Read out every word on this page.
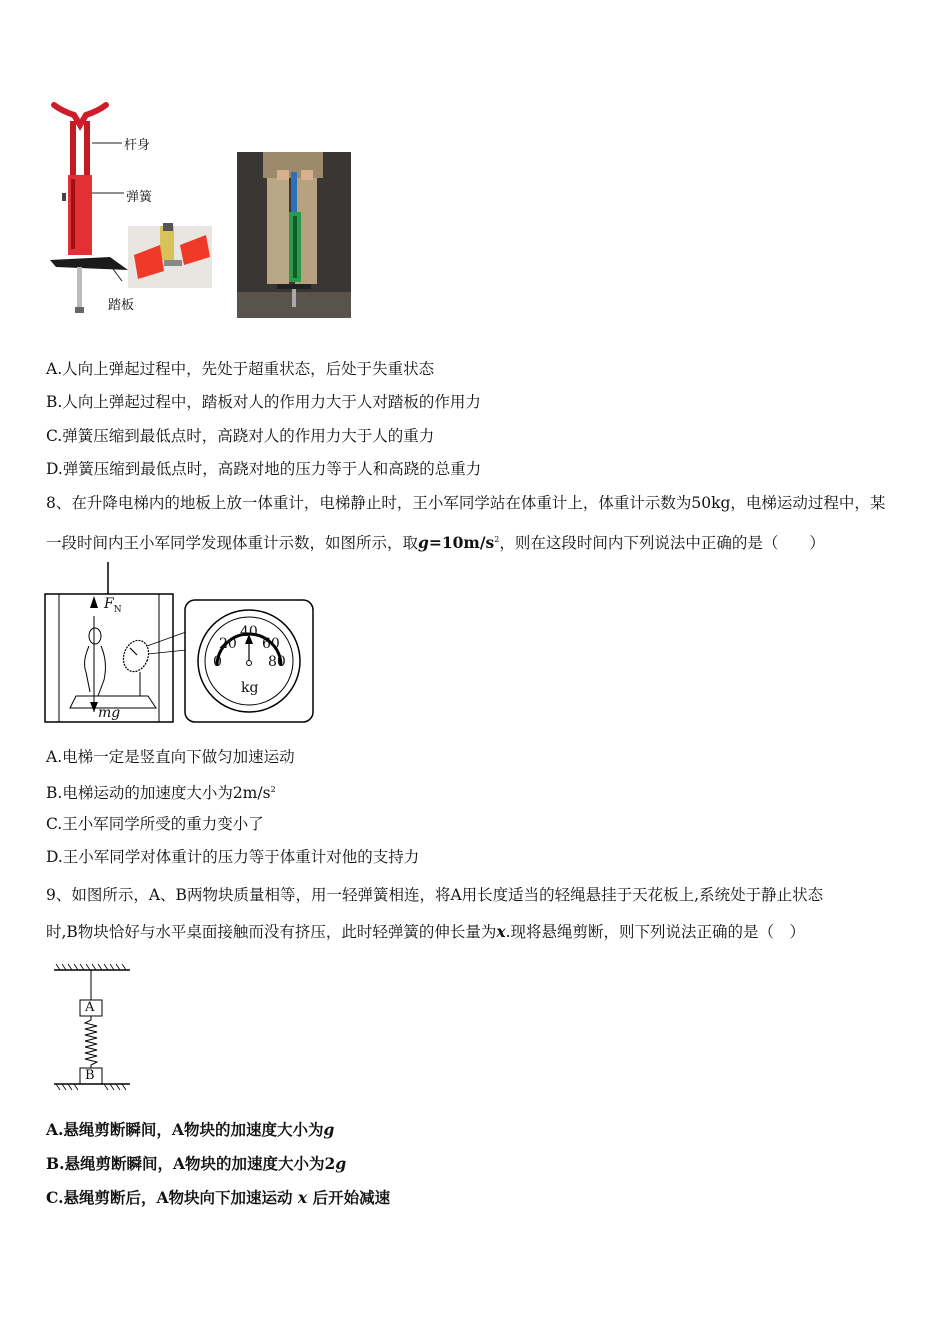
杆身
弹簧
踏板
A.人向上弹起过程中，先处于超重状态，后处于失重状态
B.人向上弹起过程中，踏板对人的作用力大于人对踏板的作用力
C.弹簧压缩到最低点时，高跷对人的作用力大于人的重力
D.弹簧压缩到最低点时，高跷对地的压力等于人和高跷的总重力
8、在升降电梯内的地板上放一体重计，电梯静止时，王小军同学站在体重计上，体重计示数为50kg，电梯运动过程中，某
一段时间内王小军同学发现体重计示数，如图所示，取$g=10m/s^2$，则在这段时间内下列说法中正确的是（　　）
$F_N$
mg
0
20
40
60
80
kg
A.电梯一定是竖直向下做匀加速运动
B.电梯运动的加速度大小为$2m/s^2$
C.王小军同学所受的重力变小了
D.王小军同学对体重计的压力等于体重计对他的支持力
9、如图所示，A、B两物块质量相等，用一轻弹簧相连，将A用长度适当的轻绳悬挂于天花板上,系统处于静止状态
时,B物块恰好与水平桌面接触而没有挤压，此时轻弹簧的伸长量为x.现将悬绳剪断，则下列说法正确的是（　）
A
B
A.悬绳剪断瞬间，A物块的加速度大小为g
B.悬绳剪断瞬间，A物块的加速度大小为2g
C.悬绳剪断后，A物块向下加速运动 x 后开始减速
